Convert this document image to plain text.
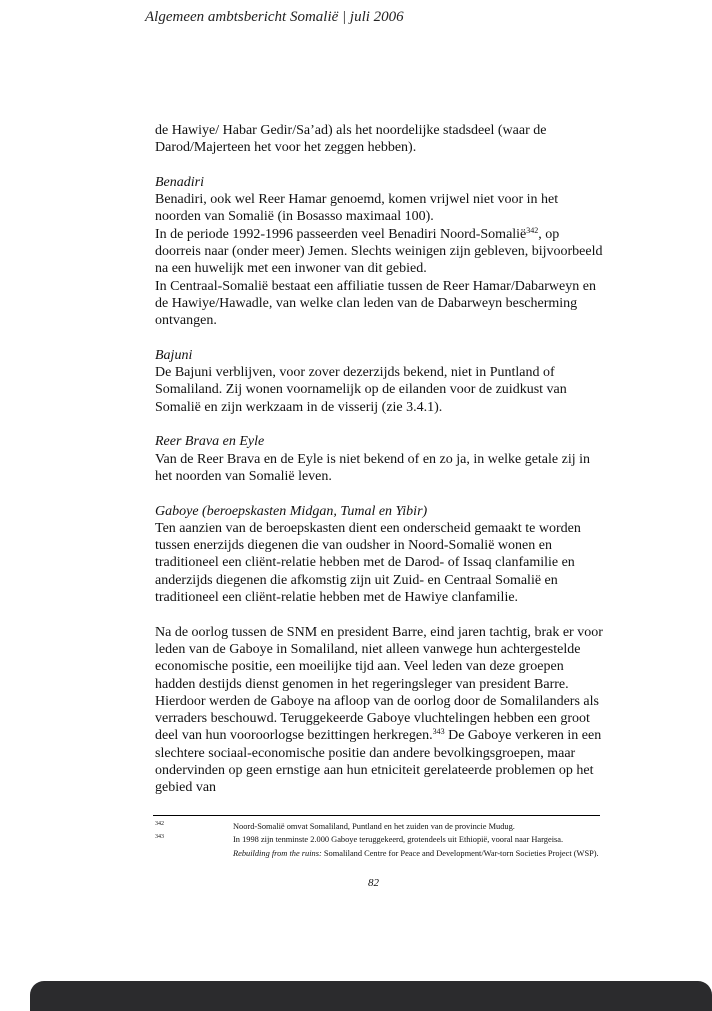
Algemeen ambtsbericht Somalië | juli 2006

de Hawiye/ Habar Gedir/Sa’ad) als het noordelijke stadsdeel (waar de Darod/Majerteen het voor het zeggen hebben).

Benadiri

Benadiri, ook wel Reer Hamar genoemd, komen vrijwel niet voor in het noorden van Somalië (in Bosasso maximaal 100).

In de periode 1992-1996 passeerden veel Benadiri Noord-Somalië$^{342}$, op doorreis naar (onder meer) Jemen. Slechts weinigen zijn gebleven, bijvoorbeeld na een huwelijk met een inwoner van dit gebied.

In Centraal-Somalië bestaat een affiliatie tussen de Reer Hamar/Dabarweyn en de Hawiye/Hawadle, van welke clan leden van de Dabarweyn bescherming ontvangen.

Bajuni

De Bajuni verblijven, voor zover dezerzijds bekend, niet in Puntland of Somaliland. Zij wonen voornamelijk op de eilanden voor de zuidkust van Somalië en zijn werkzaam in de visserij (zie 3.4.1).

Reer Brava en Eyle

Van de Reer Brava en de Eyle is niet bekend of en zo ja, in welke getale zij in het noorden van Somalië leven.

Gaboye (beroepskasten Midgan, Tumal en Yibir)

Ten aanzien van de beroepskasten dient een onderscheid gemaakt te worden tussen enerzijds diegenen die van oudsher in Noord-Somalië wonen en traditioneel een cliënt-relatie hebben met de Darod- of Issaq clanfamilie en anderzijds diegenen die afkomstig zijn uit Zuid- en Centraal Somalië en traditioneel een cliënt-relatie hebben met de Hawiye clanfamilie.

Na de oorlog tussen de SNM en president Barre, eind jaren tachtig, brak er voor leden van de Gaboye in Somaliland, niet alleen vanwege hun achtergestelde economische positie, een moeilijke tijd aan. Veel leden van deze groepen hadden destijds dienst genomen in het regeringsleger van president Barre. Hierdoor werden de Gaboye na afloop van de oorlog door de Somalilanders als verraders beschouwd. Teruggekeerde Gaboye vluchtelingen hebben een groot deel van hun vooroorlogse bezittingen herkregen.$^{343}$ De Gaboye verkeren in een slechtere sociaal-economische positie dan andere bevolkingsgroepen, maar ondervinden op geen ernstige aan hun etniciteit gerelateerde problemen op het gebied van

342	Noord-Somalië omvat Somaliland, Puntland en het zuiden van de provincie Mudug.
343	In 1998 zijn tenminste 2.000 Gaboye teruggekeerd, grotendeels uit Ethiopië, vooral naar Hargeisa. Rebuilding from the ruins: Somaliland Centre for Peace and Development/War-torn Societies Project (WSP).
82
